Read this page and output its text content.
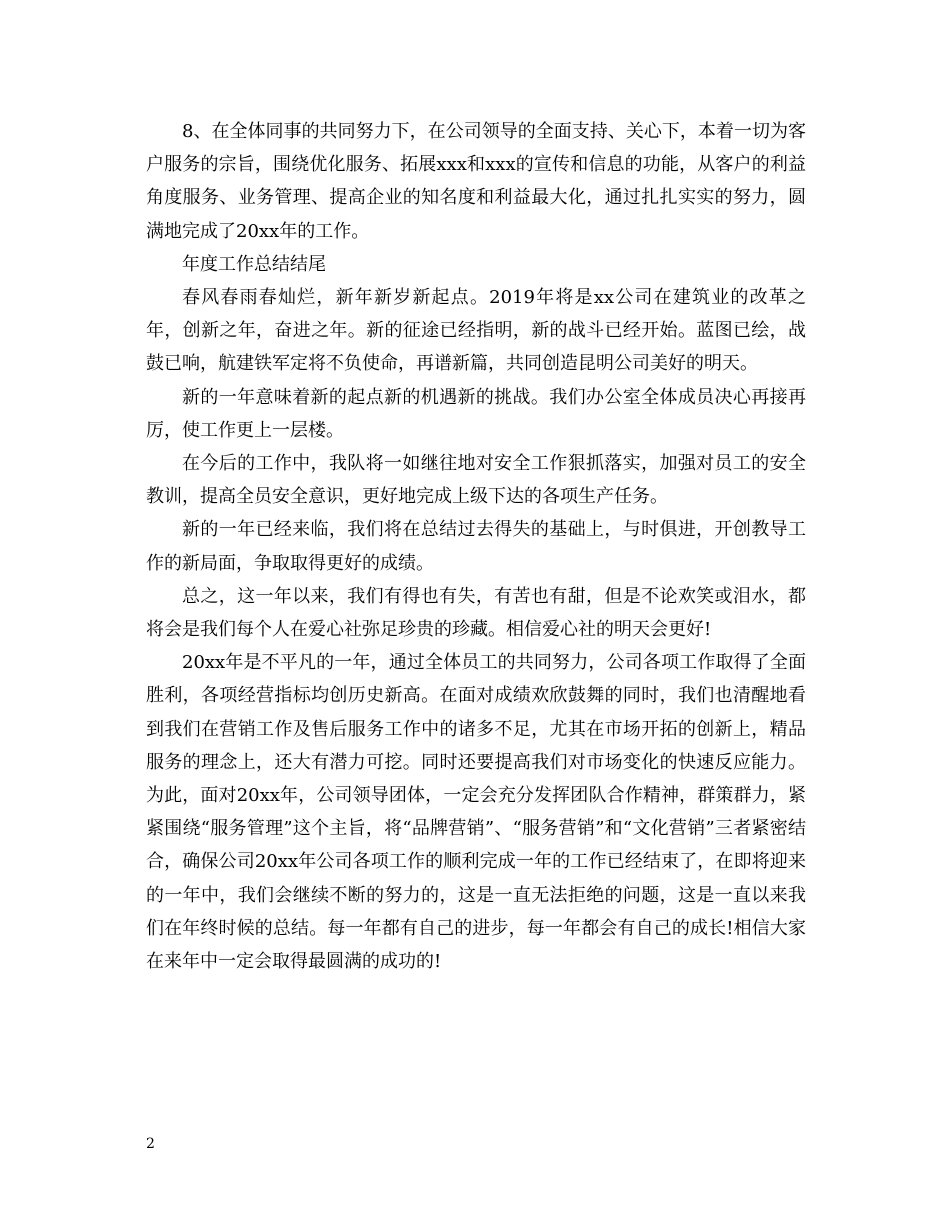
8、在全体同事的共同努力下，在公司领导的全面支持、关心下，本着一切为客户服务的宗旨，围绕优化服务、拓展xxx和xxx的宣传和信息的功能，从客户的利益角度服务、业务管理、提高企业的知名度和利益最大化，通过扎扎实实的努力，圆满地完成了20xx年的工作。

年度工作总结结尾

春风春雨春灿烂，新年新岁新起点。2019年将是xx公司在建筑业的改革之年，创新之年，奋进之年。新的征途已经指明，新的战斗已经开始。蓝图已绘，战鼓已响，航建铁军定将不负使命，再谱新篇，共同创造昆明公司美好的明天。

新的一年意味着新的起点新的机遇新的挑战。我们办公室全体成员决心再接再厉，使工作更上一层楼。

在今后的工作中，我队将一如继往地对安全工作狠抓落实，加强对员工的安全教训，提高全员安全意识，更好地完成上级下达的各项生产任务。

新的一年已经来临，我们将在总结过去得失的基础上，与时俱进，开创教导工作的新局面，争取取得更好的成绩。

总之，这一年以来，我们有得也有失，有苦也有甜，但是不论欢笑或泪水，都将会是我们每个人在爱心社弥足珍贵的珍藏。相信爱心社的明天会更好!

20xx年是不平凡的一年，通过全体员工的共同努力，公司各项工作取得了全面胜利，各项经营指标均创历史新高。在面对成绩欢欣鼓舞的同时，我们也清醒地看到我们在营销工作及售后服务工作中的诸多不足，尤其在市场开拓的创新上，精品服务的理念上，还大有潜力可挖。同时还要提高我们对市场变化的快速反应能力。为此，面对20xx年，公司领导团体，一定会充分发挥团队合作精神，群策群力，紧紧围绕“服务管理”这个主旨，将“品牌营销”、“服务营销”和“文化营销”三者紧密结合，确保公司20xx年公司各项工作的顺利完成一年的工作已经结束了，在即将迎来的一年中，我们会继续不断的努力的，这是一直无法拒绝的问题，这是一直以来我们在年终时候的总结。每一年都有自己的进步，每一年都会有自己的成长!相信大家在来年中一定会取得最圆满的成功的!

2
